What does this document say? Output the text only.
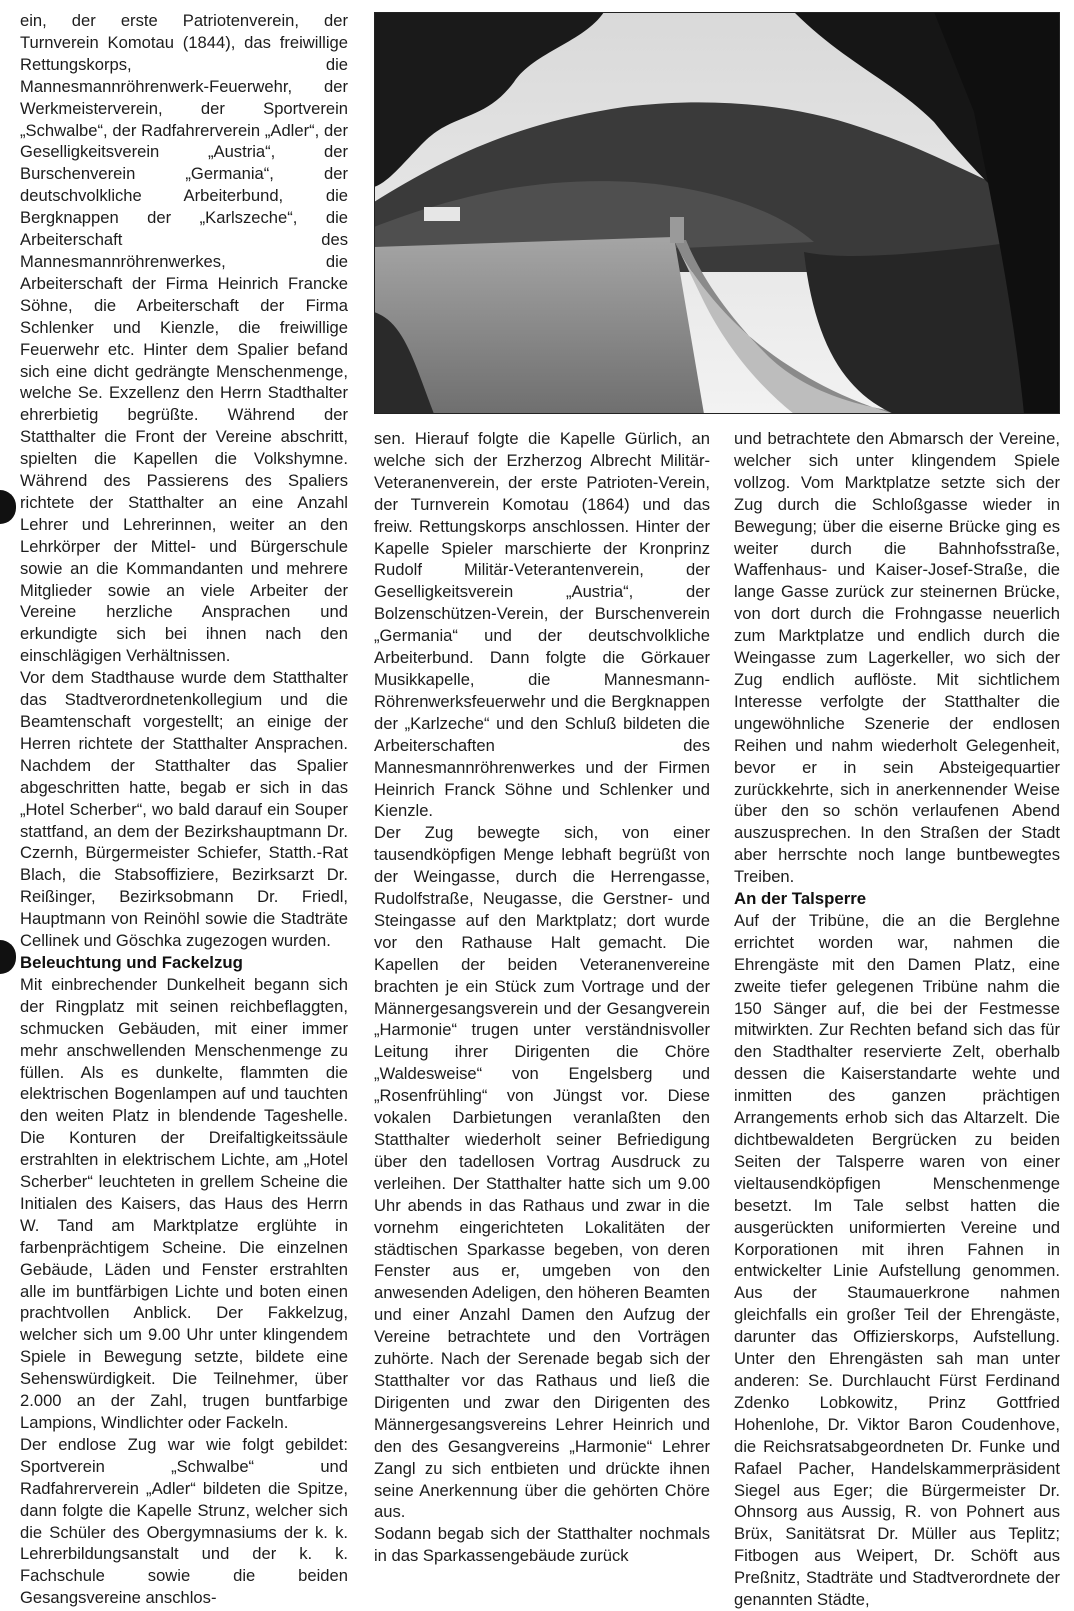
ein, der erste Patriotenverein, der Turnverein Komotau (1844), das freiwillige Rettungskorps, die Mannesmannröhrenwerk-Feuerwehr, der Werkmeisterverein, der Sportverein „Schwalbe“, der Radfahrerverein „Adler“, der Geselligkeitsverein „Austria“, der Burschenverein „Germania“, der deutschvolkliche Arbeiterbund, die Bergknappen der „Karlszeche“, die Arbeiterschaft des Mannesmannröhrenwerkes, die Arbeiterschaft der Firma Heinrich Francke Söhne, die Arbeiterschaft der Firma Schlenker und Kienzle, die freiwillige Feuerwehr etc. Hinter dem Spalier befand sich eine dicht gedrängte Menschenmenge, welche Se. Exzellenz den Herrn Stadthalter ehrerbietig begrüßte. Während der Statthalter die Front der Vereine abschritt, spielten die Kapellen die Volkshymne. Während des Passierens des Spaliers richtete der Statthalter an eine Anzahl Lehrer und Lehrerinnen, weiter an den Lehrkörper der Mittel- und Bürgerschule sowie an die Kommandanten und mehrere Mitglieder sowie an viele Arbeiter der Vereine herzliche Ansprachen und erkundigte sich bei ihnen nach den einschlägigen Verhältnissen.

Vor dem Stadthause wurde dem Statthalter das Stadtverordnetenkollegium und die Beamtenschaft vorgestellt; an einige der Herren richtete der Statthalter Ansprachen. Nachdem der Statthalter das Spalier abgeschritten hatte, begab er sich in das „Hotel Scherber“, wo bald darauf ein Souper stattfand, an dem der Bezirkshauptmann Dr. Czernh, Bürgermeister Schiefer, Statth.-Rat Blach, die Stabsoffiziere, Bezirksarzt Dr. Reißinger, Bezirksobmann Dr. Friedl, Hauptmann von Reinöhl sowie die Stadträte Cellinek und Göschka zugezogen wurden.

Beleuchtung und Fackelzug

Mit einbrechender Dunkelheit begann sich der Ringplatz mit seinen reichbeflaggten, schmucken Gebäuden, mit einer immer mehr anschwellenden Menschenmenge zu füllen. Als es dunkelte, flammten die elektrischen Bogenlampen auf und tauchten den weiten Platz in blendende Tageshelle. Die Konturen der Dreifaltigkeitssäule erstrahlten in elektrischem Lichte, am „Hotel Scherber“ leuchteten in grellem Scheine die Initialen des Kaisers, das Haus des Herrn W. Tand am Marktplatze erglühte in farbenprächtigem Scheine. Die einzelnen Gebäude, Läden und Fenster erstrahlten alle im buntfärbigen Lichte und boten einen prachtvollen Anblick. Der Fakkelzug, welcher sich um 9.00 Uhr unter klingendem Spiele in Bewegung setzte, bildete eine Sehenswürdigkeit. Die Teilnehmer, über 2.000 an der Zahl, trugen buntfarbige Lampions, Windlichter oder Fackeln.

Der endlose Zug war wie folgt gebildet: Sportverein „Schwalbe“ und Radfahrerverein „Adler“ bildeten die Spitze, dann folgte die Kapelle Strunz, welcher sich die Schüler des Obergymnasiums der k. k. Lehrerbildungsanstalt und der k. k. Fachschule sowie die beiden Gesangsvereine anschlos-

sen. Hierauf folgte die Kapelle Gürlich, an welche sich der Erzherzog Albrecht Militär-Veteranenverein, der erste Patrioten-Verein, der Turnverein Komotau (1864) und das freiw. Rettungskorps anschlossen. Hinter der Kapelle Spieler marschierte der Kronprinz Rudolf Militär-Veterantenverein, der Geselligkeitsverein „Austria“, der Bolzenschützen-Verein, der Burschenverein „Germania“ und der deutschvolkliche Arbeiterbund. Dann folgte die Görkauer Musikkapelle, die Mannesmann-Röhrenwerksfeuerwehr und die Bergknappen der „Karlzeche“ und den Schluß bildeten die Arbeiterschaften des Mannesmannröhrenwerkes und der Firmen Heinrich Franck Söhne und Schlenker und Kienzle.

Der Zug bewegte sich, von einer tausendköpfigen Menge lebhaft begrüßt von der Weingasse, durch die Herrengasse, Rudolfstraße, Neugasse, die Gerstner- und Steingasse auf den Marktplatz; dort wurde vor den Rathause Halt gemacht. Die Kapellen der beiden Veteranenvereine brachten je ein Stück zum Vortrage und der Männergesangsverein und der Gesangverein „Harmonie“ trugen unter verständnisvoller Leitung ihrer Dirigenten die Chöre „Waldesweise“ von Engelsberg und „Rosenfrühling“ von Jüngst vor. Diese vokalen Darbietungen veranlaßten den Statthalter wiederholt seiner Befriedigung über den tadellosen Vortrag Ausdruck zu verleihen. Der Statthalter hatte sich um 9.00 Uhr abends in das Rathaus und zwar in die vornehm eingerichteten Lokalitäten der städtischen Sparkasse begeben, von deren Fenster aus er, umgeben von den anwesenden Adeligen, den höheren Beamten und einer Anzahl Damen den Aufzug der Vereine betrachtete und den Vorträgen zuhörte. Nach der Serenade begab sich der Statthalter vor das Rathaus und ließ die Dirigenten und zwar den Dirigenten des Männergesangsvereins Lehrer Heinrich und den des Gesangvereins „Harmonie“ Lehrer Zangl zu sich entbieten und drückte ihnen seine Anerkennung über die gehörten Chöre aus.

Sodann begab sich der Statthalter nochmals in das Sparkassengebäude zurück

und betrachtete den Abmarsch der Vereine, welcher sich unter klingendem Spiele vollzog. Vom Marktplatze setzte sich der Zug durch die Schloßgasse wieder in Bewegung; über die eiserne Brücke ging es weiter durch die Bahnhofsstraße, Waffenhaus- und Kaiser-Josef-Straße, die lange Gasse zurück zur steinernen Brücke, von dort durch die Frohngasse neuerlich zum Marktplatze und endlich durch die Weingasse zum Lagerkeller, wo sich der Zug endlich auflöste. Mit sichtlichem Interesse verfolgte der Statthalter die ungewöhnliche Szenerie der endlosen Reihen und nahm wiederholt Gelegenheit, bevor er in sein Absteigequartier zurückkehrte, sich in anerkennender Weise über den so schön verlaufenen Abend auszusprechen. In den Straßen der Stadt aber herrschte noch lange buntbewegtes Treiben.

An der Talsperre

Auf der Tribüne, die an die Berglehne errichtet worden war, nahmen die Ehrengäste mit den Damen Platz, eine zweite tiefer gelegenen Tribüne nahm die 150 Sänger auf, die bei der Festmesse mitwirkten. Zur Rechten befand sich das für den Stadthalter reservierte Zelt, oberhalb dessen die Kaiserstandarte wehte und inmitten des ganzen prächtigen Arrangements erhob sich das Altarzelt. Die dichtbewaldeten Bergrücken zu beiden Seiten der Talsperre waren von einer vieltausendköpfigen Menschenmenge besetzt. Im Tale selbst hatten die ausgerückten uniformierten Vereine und Korporationen mit ihren Fahnen in entwickelter Linie Aufstellung genommen. Aus der Staumauerkrone nahmen gleichfalls ein großer Teil der Ehrengäste, darunter das Offizierskorps, Aufstellung. Unter den Ehrengästen sah man unter anderen: Se. Durchlaucht Fürst Ferdinand Zdenko Lobkowitz, Prinz Gottfried Hohenlohe, Dr. Viktor Baron Coudenhove, die Reichsratsabgeordneten Dr. Funke und Rafael Pacher, Handelskammerpräsident Siegel aus Eger; die Bürgermeister Dr. Ohnsorg aus Aussig, R. von Pohnert aus Brüx, Sanitätsrat Dr. Müller aus Teplitz; Fitbogen aus Weipert, Dr. Schöft aus Preßnitz, Stadträte und Stadtverordnete der genannten Städte,
